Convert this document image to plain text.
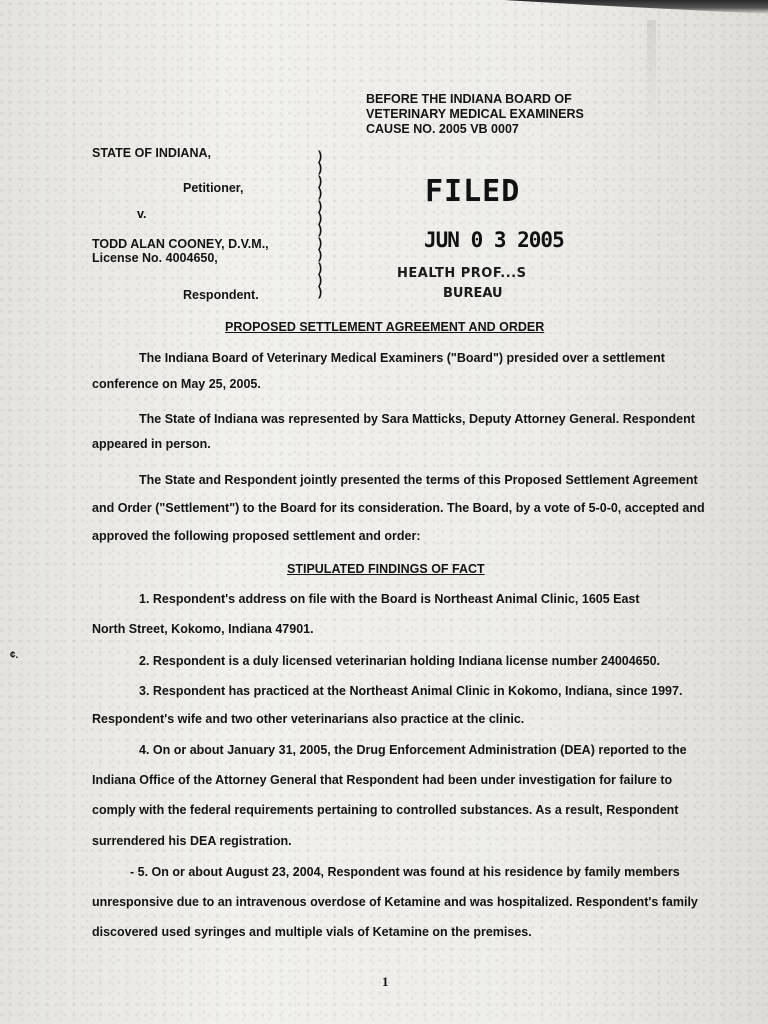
BEFORE THE INDIANA BOARD OF
VETERINARY MEDICAL EXAMINERS
CAUSE NO. 2005 VB 0007
STATE OF INDIANA,
Petitioner,
v.
TODD ALAN COONEY, D.V.M.,
License No. 4004650,
Respondent.
)
)
)
)
)
)
)
)
)
)
)
)
FILED
JUN 0 3 2005
HEALTH PROF...S
BUREAU
PROPOSED SETTLEMENT AGREEMENT AND ORDER
The Indiana Board of Veterinary Medical Examiners ("Board") presided over a settlement
conference on May 25, 2005.
The State of Indiana was represented by Sara Matticks, Deputy Attorney General. Respondent
appeared in person.
The State and Respondent jointly presented the terms of this Proposed Settlement Agreement
and Order ("Settlement") to the Board for its consideration. The Board, by a vote of 5-0-0, accepted and
approved the following proposed settlement and order:
STIPULATED FINDINGS OF FACT
1. Respondent's address on file with the Board is Northeast Animal Clinic, 1605 East
North Street, Kokomo, Indiana 47901.
2. Respondent is a duly licensed veterinarian holding Indiana license number 24004650.
3. Respondent has practiced at the Northeast Animal Clinic in Kokomo, Indiana, since 1997.
Respondent's wife and two other veterinarians also practice at the clinic.
4. On or about January 31, 2005, the Drug Enforcement Administration (DEA) reported to the
Indiana Office of the Attorney General that Respondent had been under investigation for failure to
comply with the federal requirements pertaining to controlled substances. As a result, Respondent
surrendered his DEA registration.
- 5. On or about August 23, 2004, Respondent was found at his residence by family members
unresponsive due to an intravenous overdose of Ketamine and was hospitalized. Respondent's family
discovered used syringes and multiple vials of Ketamine on the premises.
¢.
1
